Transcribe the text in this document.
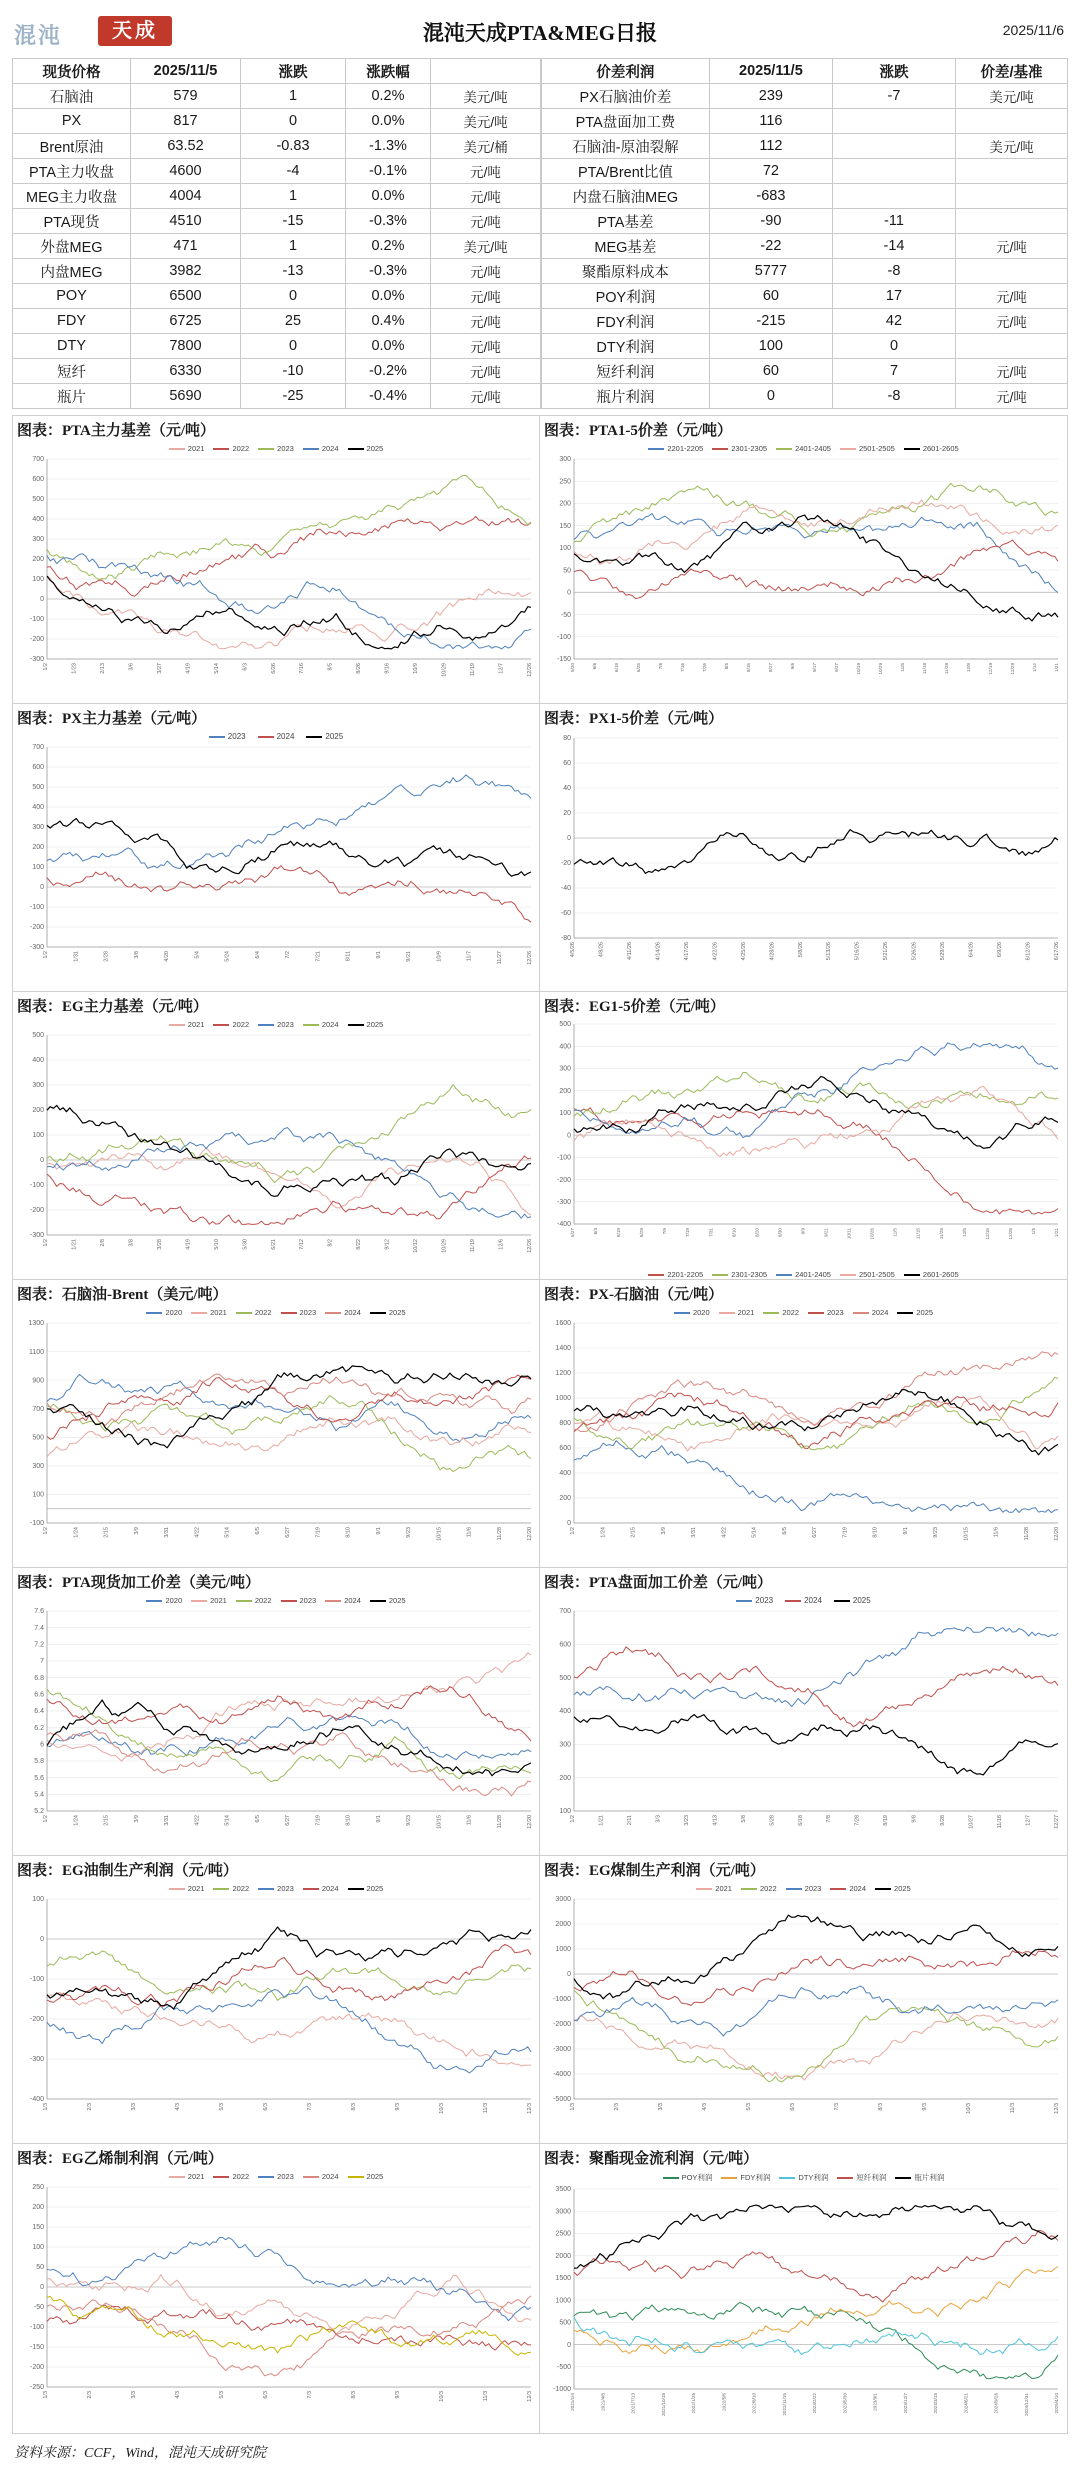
混沌	天成	混沌天成PTA&MEG日报	2025/11/6
现货价格	2025/11/5	涨跌	涨跌幅	
石脑油	579	1	0.2%	美元/吨
PX	817	0	0.0%	美元/吨
Brent原油	63.52	-0.83	-1.3%	美元/桶
PTA主力收盘	4600	-4	-0.1%	元/吨
MEG主力收盘	4004	1	0.0%	元/吨
PTA现货	4510	-15	-0.3%	元/吨
外盘MEG	471	1	0.2%	美元/吨
内盘MEG	3982	-13	-0.3%	元/吨
POY	6500	0	0.0%	元/吨
FDY	6725	25	0.4%	元/吨
DTY	7800	0	0.0%	元/吨
短纤	6330	-10	-0.2%	元/吨
瓶片	5690	-25	-0.4%	元/吨
价差利润	2025/11/5	涨跌	价差/基准
PX石脑油价差	239	-7	美元/吨
PTA盘面加工费	116		
石脑油-原油裂解	112		美元/吨
PTA/Brent比值	72		
内盘石脑油MEG	-683		
PTA基差	-90	-11	
MEG基差	-22	-14	元/吨
聚酯原料成本	5777	-8	
POY利润	60	17	元/吨
FDY利润	-215	42	元/吨
DTY利润	100	0	
短纤利润	60	7	元/吨
瓶片利润	0	-8	元/吨
图表：PTA主力基差（元/吨）
2021	2022	2023	2024	2025
-300
-200
-100
0
100
200
300
400
500
600
700
1/2	1/23	2/13	3/6	3/27	4/19	5/14	6/3	6/26	7/16	8/5	8/26	9/16	10/9	10/29	11/19	12/7	12/26
图表：PTA1-5价差（元/吨）
2201-2205	2301-2305	2401-2405	2501-2505	2601-2605
-150
-100
-50
0
50
100
150
200
250
300
5/20	6/6	6/18	6/25	7/6	7/16	7/26	8/5	8/15	8/27	9/6	9/17	9/27	10/19	10/29	11/8	11/18	11/28	12/8	12/19	12/29	1/12	1/21
图表：PX主力基差（元/吨）
2023	2024	2025
-300
-200
-100
0
100
200
300
400
500
600
700
1/2	1/31	2/28	3/8	4/20	5/4	5/24	6/4	7/2	7/21	8/11	9/1	9/21	10/9	11/7	11/27	12/26
图表：PX1-5价差（元/吨）
-80
-60
-40
-20
0
20
40
60
80
4/5/26	4/8/26	4/11/26	4/14/26	4/17/26	4/22/26	4/25/26	4/28/26	5/8/26	5/13/26	5/16/26	5/21/26	5/26/26	5/29/26	6/4/26	6/9/26	6/12/26	6/17/26
图表：EG主力基差（元/吨）
2021	2022	2023	2024	2025
-300
-200
-100
0
100
200
300
400
500
1/2	1/21	2/8	3/8	3/28	4/19	5/10	5/30	6/21	7/12	8/2	8/22	9/12	10/12	10/29	11/19	12/6	12/26
图表：EG1-5价差（元/吨）
-400
-300
-200
-100
0
100
200
300
400
500
5/27	6/3	6/19	6/29	7/9	7/19	7/31	8/10	8/20	8/30	9/9	9/21	10/11	10/26	11/5	11/15	11/25	12/5	12/15	12/25	1/5	1/21
2201-2205	2301-2305	2401-2405	2501-2505	2601-2605
图表：石脑油-Brent（美元/吨）
2020	2021	2022	2023	2024	2025
-100
100
300
500
700
900
1100
1300
1/2	1/24	2/15	3/9	3/31	4/22	5/14	6/5	6/27	7/19	8/10	9/1	9/23	10/15	11/6	11/28	12/20
图表：PX-石脑油（元/吨）
2020	2021	2022	2023	2024	2025
0
200
400
600
800
1000
1200
1400
1600
1/2	1/24	2/15	3/9	3/31	4/22	5/14	6/5	6/27	7/19	8/10	9/1	9/23	10/15	11/6	11/28	12/20
图表：PTA现货加工价差（美元/吨）
2020	2021	2022	2023	2024	2025
5.2
5.4
5.6
5.8
6
6.2
6.4
6.6
6.8
7
7.2
7.4
7.6
1/2	1/24	2/15	3/9	3/31	4/22	5/14	6/5	6/27	7/19	8/10	9/1	9/23	10/15	11/6	11/28	12/20
图表：PTA盘面加工价差（元/吨）
2023	2024	2025
100
200
300
400
500
600
700
1/2	1/21	2/11	3/3	3/23	4/13	5/8	5/28	6/18	7/8	7/28	8/19	9/8	9/28	10/27	11/16	12/7	12/27
图表：EG油制生产利润（元/吨）
2021	2022	2023	2024	2025
-400
-300
-200
-100
0
100
1/3	2/3	3/3	4/3	5/3	6/3	7/3	8/3	9/3	10/3	11/3	12/3
图表：EG煤制生产利润（元/吨）
2021	2022	2023	2024	2025
-5000
-4000
-3000
-2000
-1000
0
1000
2000
3000
1/3	2/3	3/3	4/3	5/3	6/3	7/3	8/3	9/3	10/3	11/3	12/3
图表：EG乙烯制利润（元/吨）
2021	2022	2023	2024	2025
-250
-200
-150
-100
-50
0
50
100
150
200
250
1/3	2/3	3/3	4/3	5/3	6/3	7/3	8/3	9/3	10/3	11/3	12/3
图表：聚酯现金流利润（元/吨）
POY利润	FDY利润	DTY利润	短纤利润	瓶片利润
-1000
-500
0
500
1000
1500
2000
2500
3000
3500
2021/1/4	2021/4/8	2021/7/13	2021/10/18	2022/1/25	2022/5/6	2022/8/10	2022/11/15	2023/2/22	2023/5/30	2023/9/1	2023/12/7	2024/3/15	2024/6/21	2024/9/26	2024/12/31	2025/4/10
资料来源：CCF，Wind，混沌天成研究院
